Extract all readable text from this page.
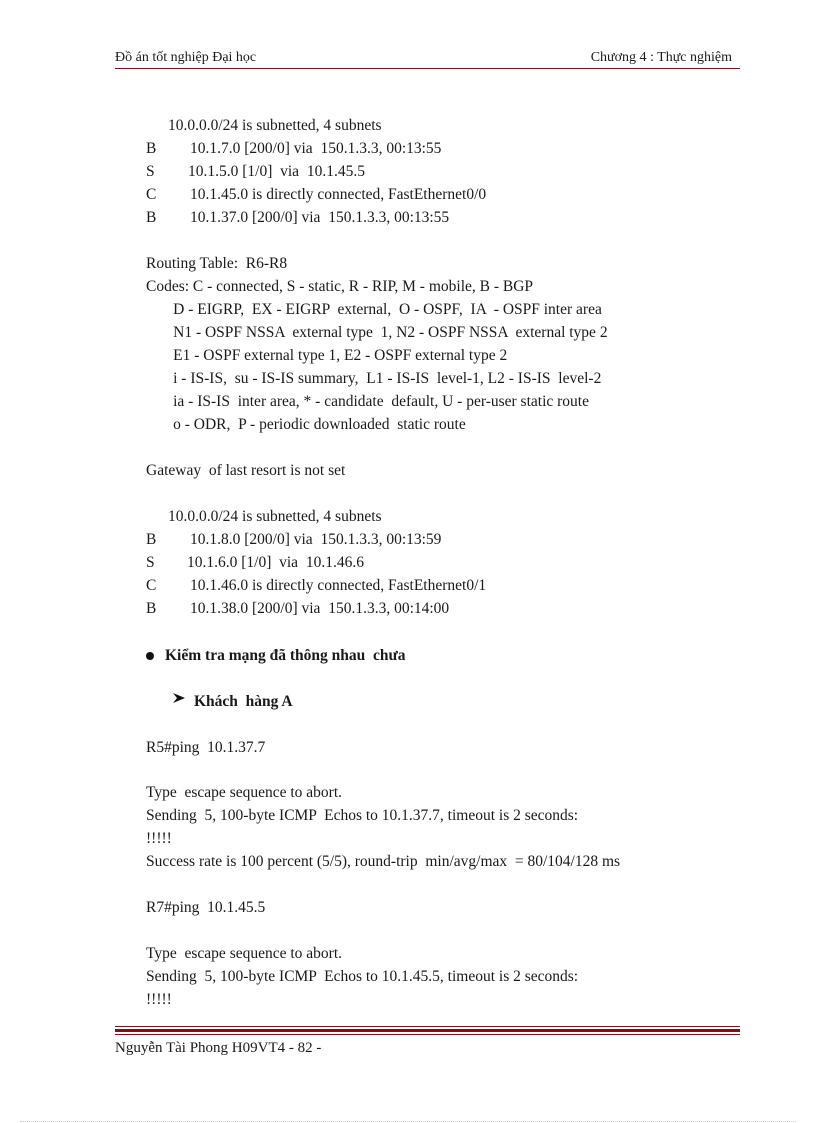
Đồ án tốt nghiệp Đại học	Chương 4 : Thực nghiệm
10.0.0.0/24 is subnetted, 4 subnets
B 10.1.7.0 [200/0] via  150.1.3.3, 00:13:55
S 10.1.5.0 [1/0]  via  10.1.45.5
C 10.1.45.0 is directly connected, FastEthernet0/0
B 10.1.37.0 [200/0] via  150.1.3.3, 00:13:55
Routing Table:  R6-R8
Codes: C - connected, S - static, R - RIP, M - mobile, B - BGP
D - EIGRP,  EX - EIGRP  external,  O - OSPF,  IA  - OSPF inter area
N1 - OSPF NSSA  external type  1, N2 - OSPF NSSA  external type 2
E1 - OSPF external type 1, E2 - OSPF external type 2
i - IS-IS,  su - IS-IS summary,  L1 - IS-IS  level-1, L2 - IS-IS  level-2
ia - IS-IS  inter area, * - candidate  default, U - per-user static route
o - ODR,  P - periodic downloaded  static route
Gateway  of last resort is not set
10.0.0.0/24 is subnetted, 4 subnets
B 10.1.8.0 [200/0] via  150.1.3.3, 00:13:59
S 10.1.6.0 [1/0]  via  10.1.46.6
C 10.1.46.0 is directly connected, FastEthernet0/1
B 10.1.38.0 [200/0] via  150.1.3.3, 00:14:00
Kiểm tra mạng đã thông nhau  chưa
Khách  hàng A
R5#ping  10.1.37.7
Type  escape sequence to abort.
Sending  5, 100-byte ICMP  Echos to 10.1.37.7, timeout is 2 seconds:
!!!!!
Success rate is 100 percent (5/5), round-trip  min/avg/max  = 80/104/128 ms
R7#ping  10.1.45.5
Type  escape sequence to abort.
Sending  5, 100-byte ICMP  Echos to 10.1.45.5, timeout is 2 seconds:
!!!!!
Nguyễn Tài Phong H09VT4 - 82 -
